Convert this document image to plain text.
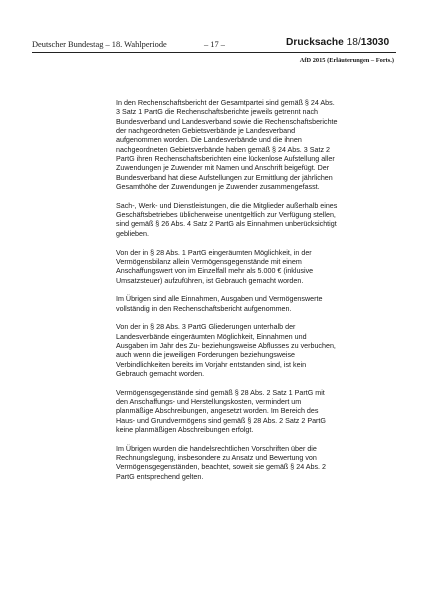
Deutscher Bundestag – 18. Wahlperiode	– 17 –	Drucksache 18/13030
AfD 2015 (Erläuterungen – Forts.)

In den Rechenschaftsbericht der Gesamtpartei sind gemäß § 24 Abs. 3 Satz 1 PartG die Rechenschaftsberichte jeweils getrennt nach Bundesverband und Landesverband sowie die Rechenschaftsberichte der nachgeordneten Gebietsverbände je Landesverband aufgenommen worden. Die Landesverbände und die ihnen nachgeordneten Gebietsverbände haben gemäß § 24 Abs. 3 Satz 2 PartG ihren Rechenschaftsberichten eine lückenlose Aufstellung aller Zuwendungen je Zuwender mit Namen und Anschrift beigefügt. Der Bundesverband hat diese Aufstellungen zur Ermittlung der jährlichen Gesamthöhe der Zuwendungen je Zuwender zusammengefasst.

Sach-, Werk- und Dienstleistungen, die die Mitglieder außerhalb eines Geschäftsbetriebes üblicherweise unentgeltlich zur Verfügung stellen, sind gemäß § 26 Abs. 4 Satz 2 PartG als Einnahmen unberücksichtigt geblieben.

Von der in § 28 Abs. 1 PartG eingeräumten Möglichkeit, in der Vermögensbilanz allein Vermögensgegenstände mit einem Anschaffungswert von im Einzelfall mehr als 5.000 € (inklusive Umsatzsteuer) aufzuführen, ist Gebrauch gemacht worden.

Im Übrigen sind alle Einnahmen, Ausgaben und Vermögenswerte vollständig in den Rechenschaftsbericht aufgenommen.

Von der in § 28 Abs. 3 PartG Gliederungen unterhalb der Landesverbände eingeräumten Möglichkeit, Einnahmen und Ausgaben im Jahr des Zu- beziehungsweise Abflusses zu verbuchen, auch wenn die jeweiligen Forderungen beziehungsweise Verbindlichkeiten bereits im Vorjahr entstanden sind, ist kein Gebrauch gemacht worden.

Vermögensgegenstände sind gemäß § 28 Abs. 2 Satz 1 PartG mit den Anschaffungs- und Herstellungskosten, vermindert um planmäßige Abschreibungen, angesetzt worden. Im Bereich des Haus- und Grundvermögens sind gemäß § 28 Abs. 2 Satz 2 PartG keine planmäßigen Abschreibungen erfolgt.

Im Übrigen wurden die handelsrechtlichen Vorschriften über die Rechnungslegung, insbesondere zu Ansatz und Bewertung von Vermögensgegenständen, beachtet, soweit sie gemäß § 24 Abs. 2 PartG entsprechend gelten.
